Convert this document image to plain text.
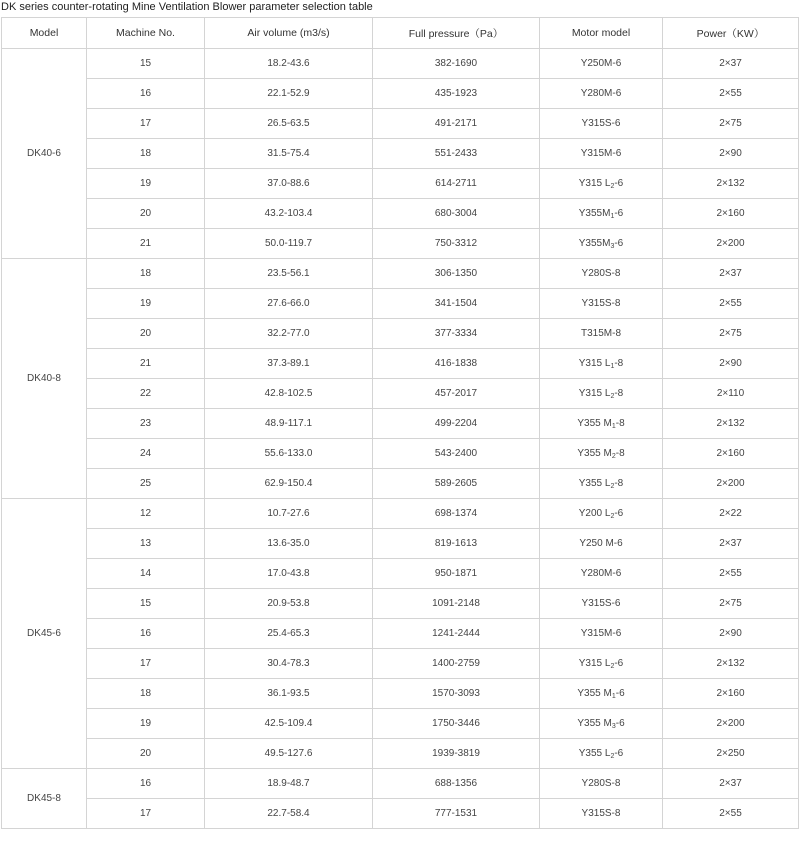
DK series counter-rotating Mine Ventilation Blower parameter selection table
Model	Machine No.	Air volume (m3/s)	Full pressure（Pa）	Motor model	Power（KW）
DK40-6	15	18.2-43.6	382-1690	Y250M-6	2×37
	16	22.1-52.9	435-1923	Y280M-6	2×55
	17	26.5-63.5	491-2171	Y315S-6	2×75
	18	31.5-75.4	551-2433	Y315M-6	2×90
	19	37.0-88.6	614-2711	Y315 $L_2-6$	2×132
	20	43.2-103.4	680-3004	$Y355M_1-6$	2×160
	21	50.0-119.7	750-3312	$Y355M_3-6$	2×200
DK40-8	18	23.5-56.1	306-1350	Y280S-8	2×37
	19	27.6-66.0	341-1504	Y315S-8	2×55
	20	32.2-77.0	377-3334	T315M-8	2×75
	21	37.3-89.1	416-1838	Y315 $L_1-8$	2×90
	22	42.8-102.5	457-2017	Y315 $L_2-8$	2×110
	23	48.9-117.1	499-2204	Y355 $M_1-8$	2×132
	24	55.6-133.0	543-2400	Y355 $M_2-8$	2×160
	25	62.9-150.4	589-2605	Y355 $L_2-8$	2×200
DK45-6	12	10.7-27.6	698-1374	Y200 $L_2-6$	2×22
	13	13.6-35.0	819-1613	Y250 M-6	2×37
	14	17.0-43.8	950-1871	Y280M-6	2×55
	15	20.9-53.8	1091-2148	Y315S-6	2×75
	16	25.4-65.3	1241-2444	Y315M-6	2×90
	17	30.4-78.3	1400-2759	Y315 $L_2-6$	2×132
	18	36.1-93.5	1570-3093	Y355 $M_1-6$	2×160
	19	42.5-109.4	1750-3446	Y355 $M_3-6$	2×200
	20	49.5-127.6	1939-3819	Y355 $L_2-6$	2×250
DK45-8	16	18.9-48.7	688-1356	Y280S-8	2×37
	17	22.7-58.4	777-1531	Y315S-8	2×55
